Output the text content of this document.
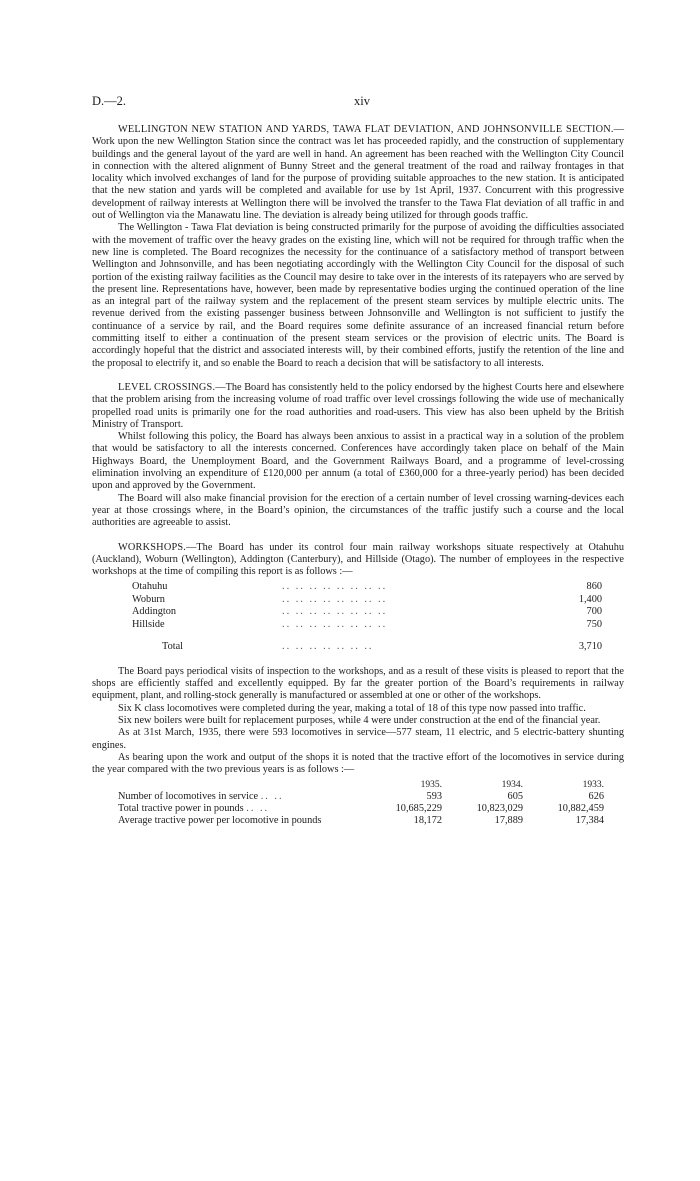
D.—2.	xiv

WELLINGTON NEW STATION AND YARDS, TAWA FLAT DEVIATION, AND JOHNSONVILLE SECTION.—Work upon the new Wellington Station since the contract was let has proceeded rapidly, and the construction of supplementary buildings and the general layout of the yard are well in hand. An agreement has been reached with the Wellington City Council in connection with the altered alignment of Bunny Street and the general treatment of the road and railway frontages in that locality which involved exchanges of land for the purpose of providing suitable approaches to the new station. It is anticipated that the new station and yards will be completed and available for use by 1st April, 1937. Concurrent with this progressive development of railway interests at Wellington there will be involved the transfer to the Tawa Flat deviation of all traffic in and out of Wellington via the Manawatu line. The deviation is already being utilized for through goods traffic.

The Wellington - Tawa Flat deviation is being constructed primarily for the purpose of avoiding the difficulties associated with the movement of traffic over the heavy grades on the existing line, which will not be required for through traffic when the new line is completed. The Board recognizes the necessity for the continuance of a satisfactory method of transport between Wellington and Johnsonville, and has been negotiating accordingly with the Wellington City Council for the disposal of such portion of the existing railway facilities as the Council may desire to take over in the interests of its ratepayers who are served by the present line. Representations have, however, been made by representative bodies urging the continued operation of the line as an integral part of the railway system and the replacement of the present steam services by multiple electric units. The revenue derived from the existing passenger business between Johnsonville and Wellington is not sufficient to justify the continuance of a service by rail, and the Board requires some definite assurance of an increased financial return before committing itself to either a continuation of the present steam services or the provision of electric units. The Board is accordingly hopeful that the district and associated interests will, by their combined efforts, justify the retention of the line and the proposal to electrify it, and so enable the Board to reach a decision that will be satisfactory to all interests.

LEVEL CROSSINGS.—The Board has consistently held to the policy endorsed by the highest Courts here and elsewhere that the problem arising from the increasing volume of road traffic over level crossings following the wide use of mechanically propelled road units is primarily one for the road authorities and road-users. This view has also been upheld by the British Ministry of Transport.

Whilst following this policy, the Board has always been anxious to assist in a practical way in a solution of the problem that would be satisfactory to all the interests concerned. Conferences have accordingly taken place on behalf of the Main Highways Board, the Unemployment Board, and the Government Railways Board, and a programme of level-crossing elimination involving an expenditure of £120,000 per annum (a total of £360,000 for a three-yearly period) has been decided upon and approved by the Government.

The Board will also make financial provision for the erection of a certain number of level crossing warning-devices each year at those crossings where, in the Board’s opinion, the circumstances of the traffic justify such a course and the local authorities are agreeable to assist.

WORKSHOPS.—The Board has under its control four main railway workshops situate respectively at Otahuhu (Auckland), Woburn (Wellington), Addington (Canterbury), and Hillside (Otago). The number of employees in the respective workshops at the time of compiling this report is as follows :—

Otahuhu	.. .. .. .. .. .. .. ..	860
Woburn	.. .. .. .. .. .. .. ..	1,400
Addington	.. .. .. .. .. .. .. ..	700
Hillside	.. .. .. .. .. .. .. ..	750
Total	.. .. .. .. .. .. ..	3,710

The Board pays periodical visits of inspection to the workshops, and as a result of these visits is pleased to report that the shops are efficiently staffed and excellently equipped. By far the greater portion of the Board’s requirements in railway equipment, plant, and rolling-stock generally is manufactured or assembled at one or other of the workshops.

Six K class locomotives were completed during the year, making a total of 18 of this type now passed into traffic.

Six new boilers were built for replacement purposes, while 4 were under construction at the end of the financial year.

As at 31st March, 1935, there were 593 locomotives in service—577 steam, 11 electric, and 5 electric-battery shunting engines.

As bearing upon the work and output of the shops it is noted that the tractive effort of the locomotives in service during the year compared with the two previous years is as follows :—

	1935.	1934.	1933.
Number of locomotives in service .. ..	593	605	626
Total tractive power in pounds .. ..	10,685,229	10,823,029	10,882,459
Average tractive power per locomotive in pounds	18,172	17,889	17,384
